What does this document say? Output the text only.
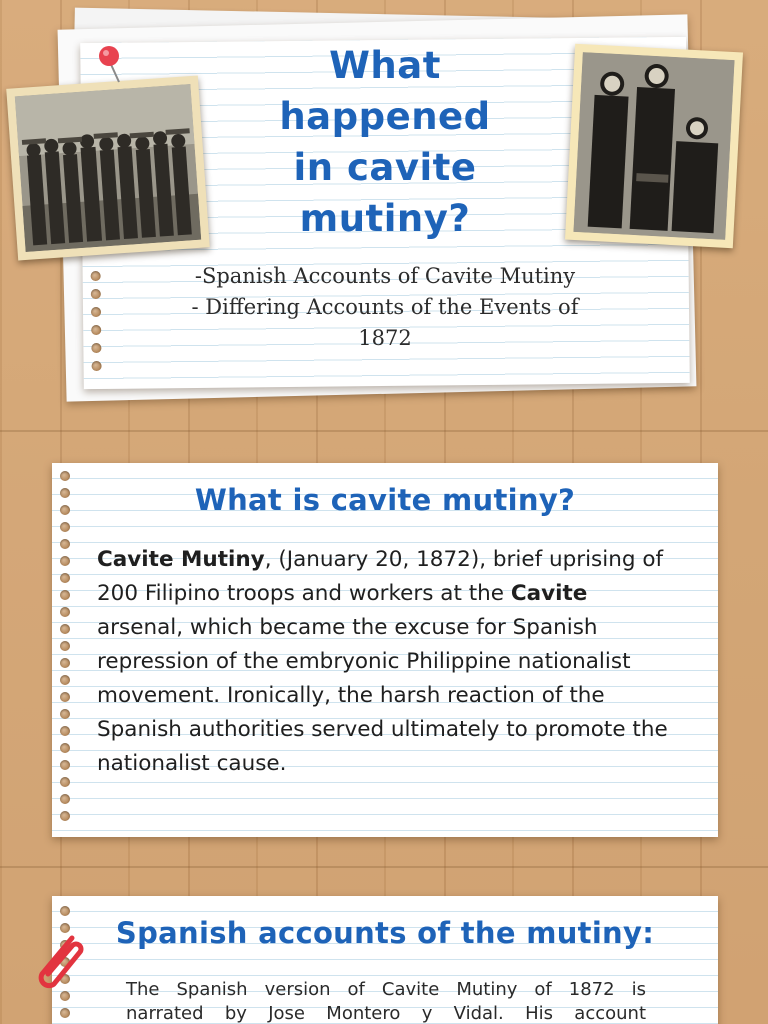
What
happened
in cavite
mutiny?
-Spanish Accounts of Cavite Mutiny
- Differing Accounts of the Events of
1872
What is cavite mutiny?

Cavite Mutiny, (January 20, 1872), brief uprising of 200 Filipino troops and workers at the Cavite arsenal, which became the excuse for Spanish repression of the embryonic Philippine nationalist movement. Ironically, the harsh reaction of the Spanish authorities served ultimately to promote the nationalist cause.

Spanish accounts of the mutiny:
The Spanish version of Cavite Mutiny of 1872 is
narrated by Jose Montero y Vidal. His account
